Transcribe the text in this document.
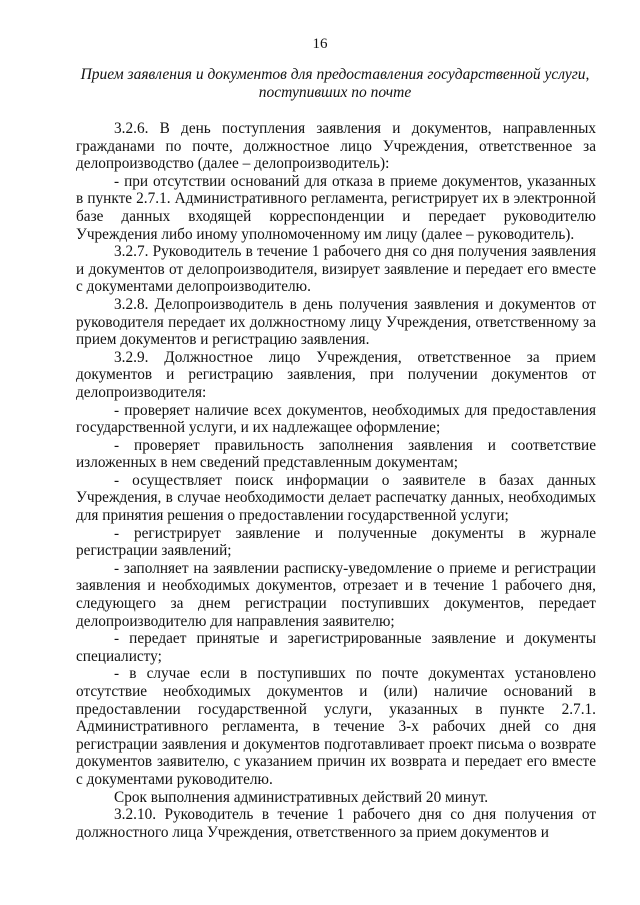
16
Прием заявления и документов для предоставления государственной услуги, поступивших по почте

3.2.6. В день поступления заявления и документов, направленных гражданами по почте, должностное лицо Учреждения, ответственное за делопроизводство (далее – делопроизводитель):

- при отсутствии оснований для отказа в приеме документов, указанных в пункте 2.7.1. Административного регламента, регистрирует их в электронной базе данных входящей корреспонденции и передает руководителю Учреждения либо иному уполномоченному им лицу (далее – руководитель).

3.2.7. Руководитель в течение 1 рабочего дня со дня получения заявления и документов от делопроизводителя, визирует заявление и передает его вместе с документами делопроизводителю.

3.2.8. Делопроизводитель в день получения заявления и документов от руководителя передает их должностному лицу Учреждения, ответственному за прием документов и регистрацию заявления.

3.2.9. Должностное лицо Учреждения, ответственное за прием документов и регистрацию заявления, при получении документов от делопроизводителя:

- проверяет наличие всех документов, необходимых для предоставления государственной услуги, и их надлежащее оформление;

- проверяет правильность заполнения заявления и соответствие изложенных в нем сведений представленным документам;

- осуществляет поиск информации о заявителе в базах данных Учреждения, в случае необходимости делает распечатку данных, необходимых для принятия решения о предоставлении государственной услуги;

- регистрирует заявление и полученные документы в журнале регистрации заявлений;

- заполняет на заявлении расписку-уведомление о приеме и регистрации заявления и необходимых документов, отрезает и в течение 1 рабочего дня, следующего за днем регистрации поступивших документов, передает делопроизводителю для направления заявителю;

- передает принятые и зарегистрированные заявление и документы специалисту;

- в случае если в поступивших по почте документах установлено отсутствие необходимых документов и (или) наличие оснований в предоставлении государственной услуги, указанных в пункте 2.7.1. Административного регламента, в течение 3-х рабочих дней со дня регистрации заявления и документов подготавливает проект письма о возврате документов заявителю, с указанием причин их возврата и передает его вместе с документами руководителю.

Срок выполнения административных действий 20 минут.

3.2.10. Руководитель в течение 1 рабочего дня со дня получения от должностного лица Учреждения, ответственного за прием документов и
